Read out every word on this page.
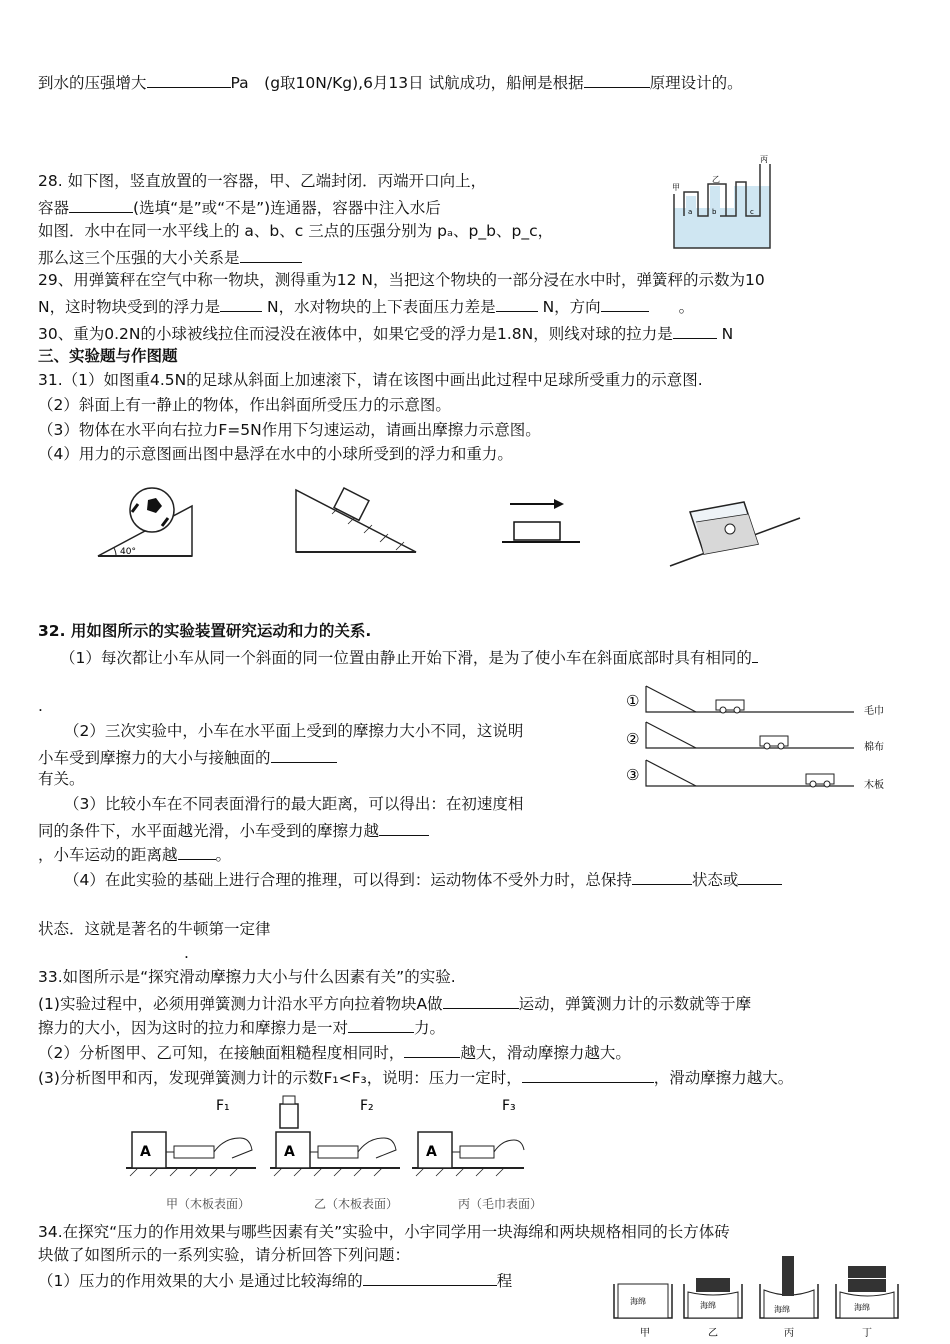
到水的压强增大	Pa　(g取10N/Kg),6月13日 试航成功，船闸是根据	原理设计的。
28. 如下图，竖直放置的一容器，甲、乙端封闭．丙端开口向上，
容器	(选填“是”或“不是”)连通器，容器中注入水后
如图．水中在同一水平线上的 a、b、c 三点的压强分别为 pₐ、p_b、p_c，
那么这三个压强的大小关系是
甲
乙
丙
a	b	c
29、用弹簧秤在空气中称一物块，测得重为12 N，当把这个物块的一部分浸在水中时，弹簧秤的示数为10
N，这时物块受到的浮力是	N，水对物块的上下表面压力差是	N，方向	。
30、重为0.2N的小球被线拉住而浸没在液体中，如果它受的浮力是1.8N，则线对球的拉力是	N
三、实验题与作图题
31.（1）如图重4.5N的足球从斜面上加速滚下，请在该图中画出此过程中足球所受重力的示意图.
（2）斜面上有一静止的物体，作出斜面所受压力的示意图。
（3）物体在水平向右拉力F=5N作用下匀速运动，请画出摩擦力示意图。
（4）用力的示意图画出图中悬浮在水中的小球所受到的浮力和重力。
40°
32. 用如图所示的实验装置研究运动和力的关系.
（1）每次都让小车从同一个斜面的同一位置由静止开始下滑，是为了使小车在斜面底部时具有相同的
.
（2）三次实验中，小车在水平面上受到的摩擦力大小不同，这说明
小车受到摩擦力的大小与接触面的
有关。
（3）比较小车在不同表面滑行的最大距离，可以得出：在初速度相
同的条件下，水平面越光滑，小车受到的摩擦力越
，小车运动的距离越 。
（4）在此实验的基础上进行合理的推理，可以得到：运动物体不受外力时，总保持	状态或
状态．这就是著名的牛顿第一定律
.
①
毛巾
②	棉布
③
木板
33.如图所示是“探究滑动摩擦力大小与什么因素有关”的实验.
(1)实验过程中，必须用弹簧测力计沿水平方向拉着物块A做	运动，弹簧测力计的示数就等于摩
擦力的大小，因为这时的拉力和摩擦力是一对	力。
（2）分析图甲、乙可知，在接触面粗糙程度相同时，	越大，滑动摩擦力越大。
(3)分析图甲和丙，发现弹簧测力计的示数F₁<F₃，说明：压力一定时，	，滑动摩擦力越大。
F₁
A
F₂
A
F₃
A
甲（木板表面）	乙（木板表面）	丙（毛巾表面）
34.在探究“压力的作用效果与哪些因素有关”实验中，小宇同学用一块海绵和两块规格相同的长方体砖
块做了如图所示的一系列实验，请分析回答下列问题：
（1）压力的作用效果的大小 是通过比较海绵的	程
海绵
甲
海绵
乙
海绵
丙
海绵
丁
